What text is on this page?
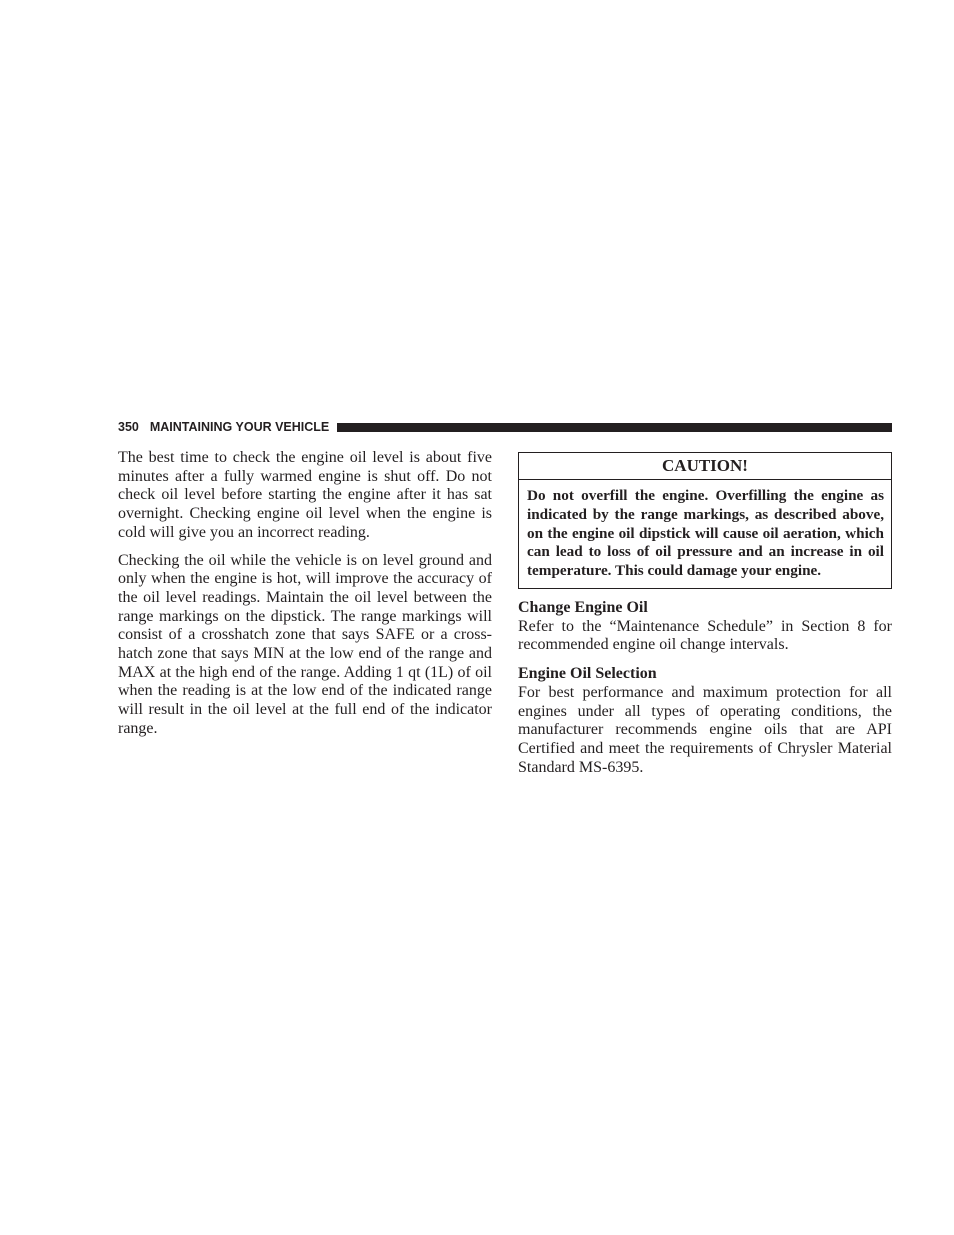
350 MAINTAINING YOUR VEHICLE

The best time to check the engine oil level is about five minutes after a fully warmed engine is shut off. Do not check oil level before starting the engine after it has sat overnight. Checking engine oil level when the engine is cold will give you an incorrect reading.

Checking the oil while the vehicle is on level ground and only when the engine is hot, will improve the accuracy of the oil level readings. Maintain the oil level between the range markings on the dipstick. The range markings will consist of a crosshatch zone that says SAFE or a cross-hatch zone that says MIN at the low end of the range and MAX at the high end of the range. Adding 1 qt (1L) of oil when the reading is at the low end of the indicated range will result in the oil level at the full end of the indicator range.

CAUTION!

Do not overfill the engine. Overfilling the engine as indicated by the range markings, as described above, on the engine oil dipstick will cause oil aeration, which can lead to loss of oil pressure and an increase in oil temperature. This could damage your engine.

Change Engine Oil

Refer to the “Maintenance Schedule” in Section 8 for recommended engine oil change intervals.

Engine Oil Selection

For best performance and maximum protection for all engines under all types of operating conditions, the manufacturer recommends engine oils that are API Certified and meet the requirements of Chrysler Material Standard MS-6395.
